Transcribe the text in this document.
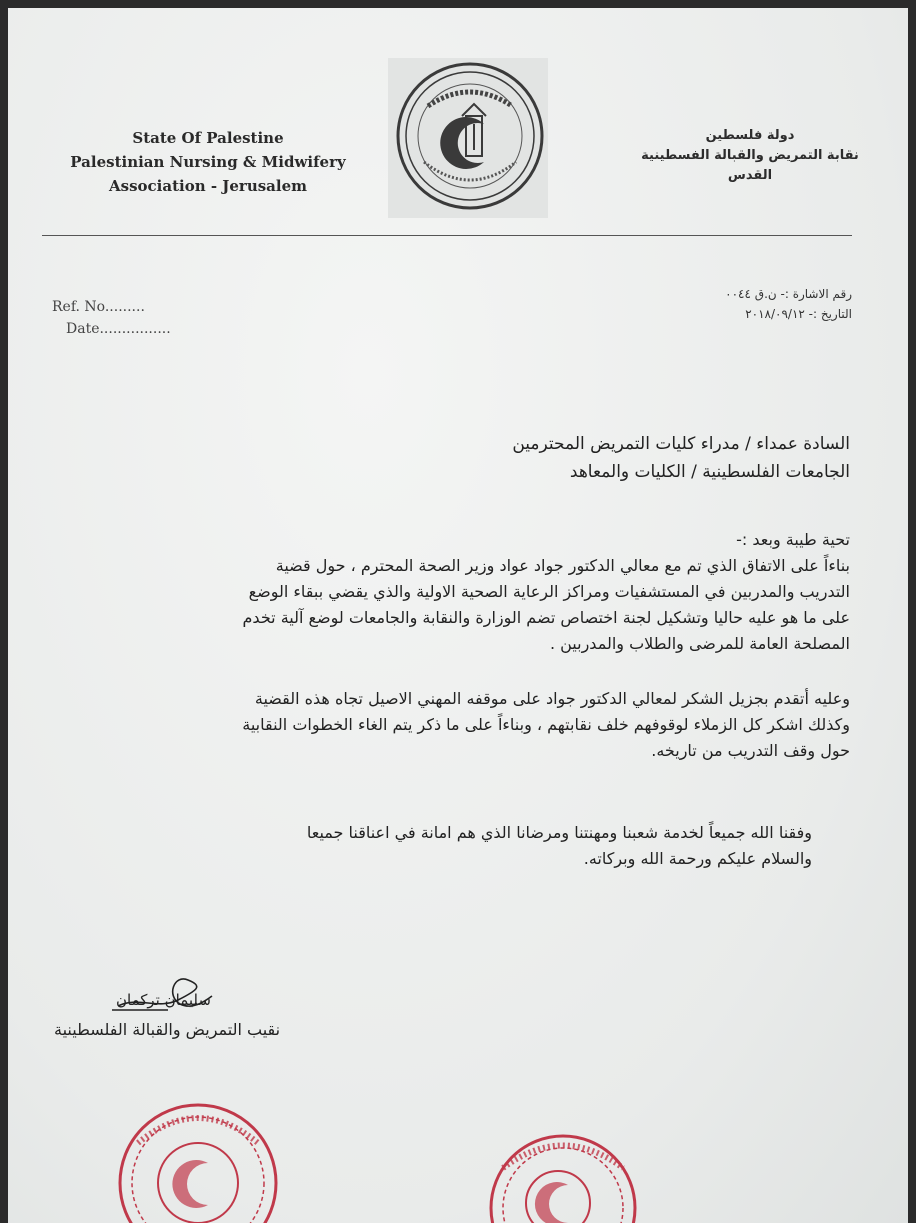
State Of Palestine
Palestinian Nursing & Midwifery
Association - Jerusalem
دولة فلسطين
نقابة التمريض والقبالة الفسطينية
القدس
Ref. No.........
Date................
رقم الاشارة :- ن.ق ٠٠٤٤
التاريخ :- ٢٠١٨/٠٩/١٢
السادة عمداء / مدراء كليات التمريض المحترمين
الجامعات الفلسطينية / الكليات والمعاهد
تحية طيبة وبعد :-
بناءاً على الاتفاق الذي تم مع معالي الدكتور جواد عواد وزير الصحة المحترم ، حول قضية
التدريب والمدربين في المستشفيات ومراكز الرعاية الصحية الاولية والذي يقضي ببقاء الوضع
على ما هو عليه حاليا وتشكيل لجنة اختصاص تضم الوزارة والنقابة والجامعات لوضع آلية تخدم
المصلحة العامة للمرضى والطلاب والمدربين .
وعليه أتقدم بجزيل الشكر لمعالي الدكتور جواد على موقفه المهني الاصيل تجاه هذه القضية
وكذلك اشكر كل الزملاء لوقوفهم خلف نقابتهم ، وبناءاً على ما ذكر يتم الغاء الخطوات النقابية
حول وقف التدريب من تاريخه.
وفقنا الله جميعاً لخدمة شعبنا ومهنتنا ومرضانا الذي هم امانة في اعناقنا جميعا
والسلام عليكم ورحمة الله وبركاته.
سليمان تركمان
نقيب التمريض والقبالة الفلسطينية
